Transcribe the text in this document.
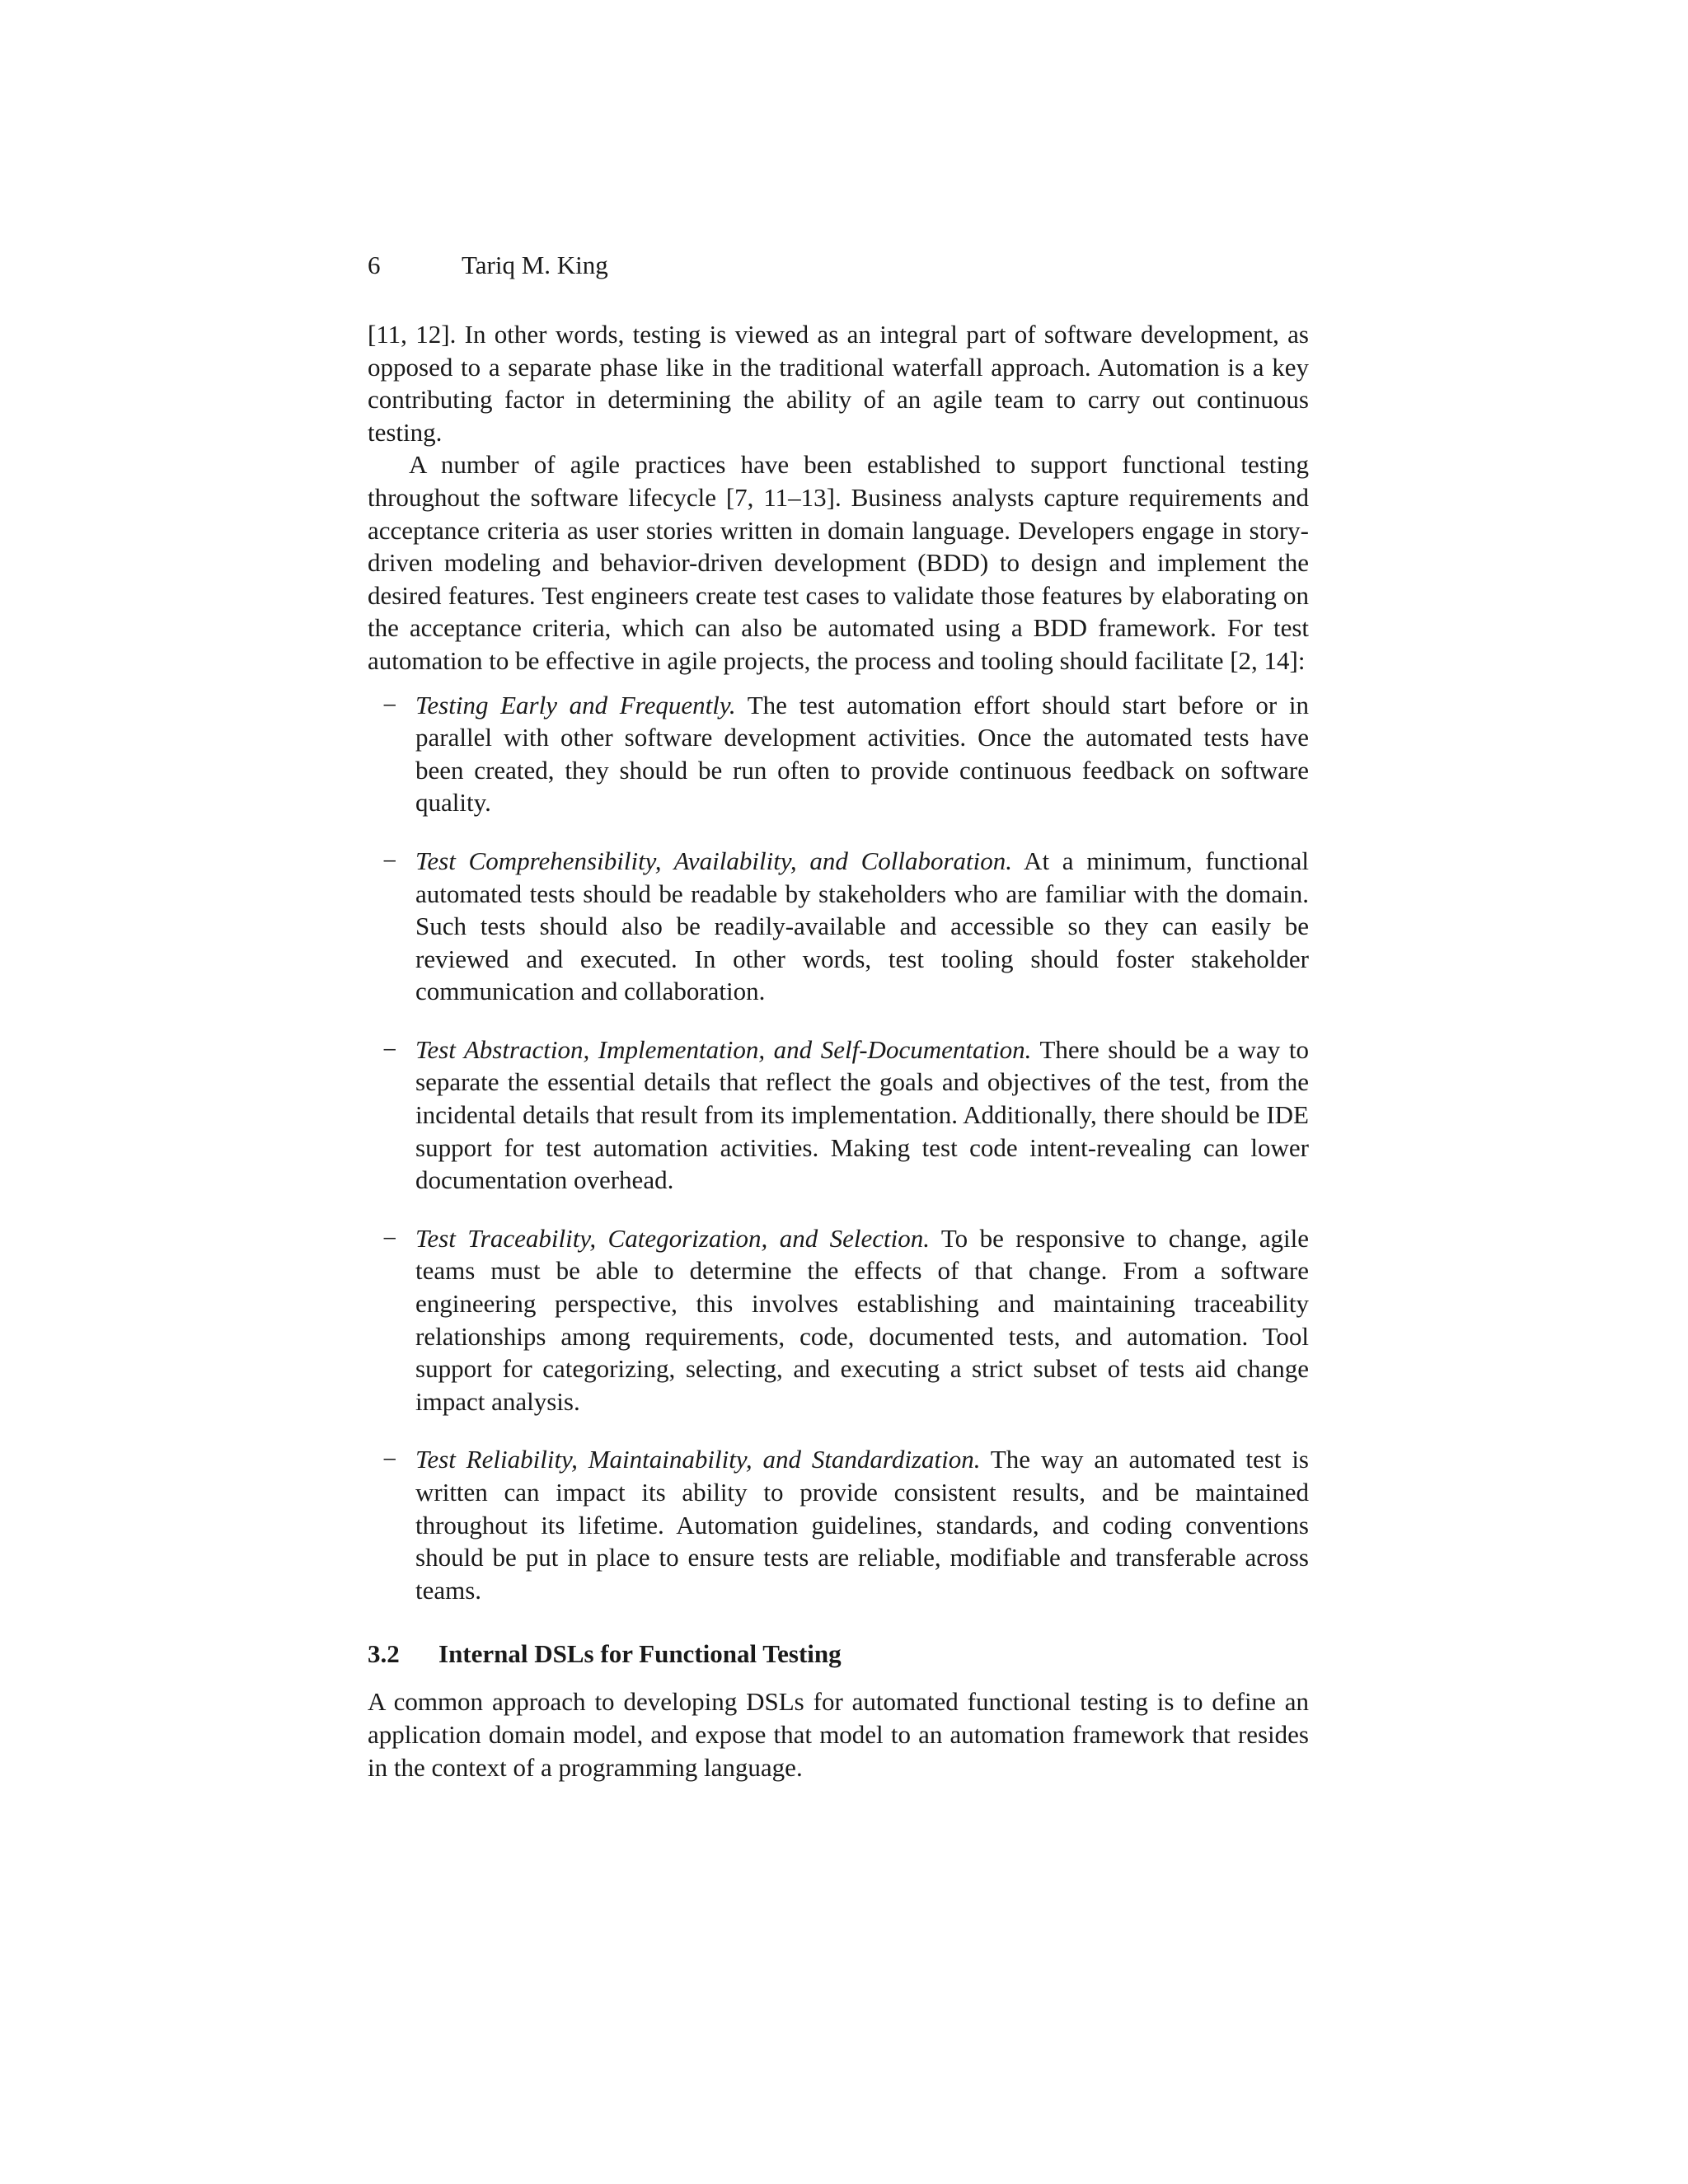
6	Tariq M. King

[11, 12]. In other words, testing is viewed as an integral part of software development, as opposed to a separate phase like in the traditional waterfall approach. Automation is a key contributing factor in determining the ability of an agile team to carry out continuous testing.

A number of agile practices have been established to support functional testing throughout the software lifecycle [7, 11–13]. Business analysts capture requirements and acceptance criteria as user stories written in domain language. Developers engage in story-driven modeling and behavior-driven development (BDD) to design and implement the desired features. Test engineers create test cases to validate those features by elaborating on the acceptance criteria, which can also be automated using a BDD framework. For test automation to be effective in agile projects, the process and tooling should facilitate [2, 14]:

− Testing Early and Frequently. The test automation effort should start before or in parallel with other software development activities. Once the automated tests have been created, they should be run often to provide continuous feedback on software quality.
− Test Comprehensibility, Availability, and Collaboration. At a minimum, functional automated tests should be readable by stakeholders who are familiar with the domain. Such tests should also be readily-available and accessible so they can easily be reviewed and executed. In other words, test tooling should foster stakeholder communication and collaboration.
− Test Abstraction, Implementation, and Self-Documentation. There should be a way to separate the essential details that reflect the goals and objectives of the test, from the incidental details that result from its implementation. Additionally, there should be IDE support for test automation activities. Making test code intent-revealing can lower documentation overhead.
− Test Traceability, Categorization, and Selection. To be responsive to change, agile teams must be able to determine the effects of that change. From a software engineering perspective, this involves establishing and maintaining traceability relationships among requirements, code, documented tests, and automation. Tool support for categorizing, selecting, and executing a strict subset of tests aid change impact analysis.
− Test Reliability, Maintainability, and Standardization. The way an automated test is written can impact its ability to provide consistent results, and be maintained throughout its lifetime. Automation guidelines, standards, and coding conventions should be put in place to ensure tests are reliable, modifiable and transferable across teams.
3.2 Internal DSLs for Functional Testing

A common approach to developing DSLs for automated functional testing is to define an application domain model, and expose that model to an automation framework that resides in the context of a programming language.
